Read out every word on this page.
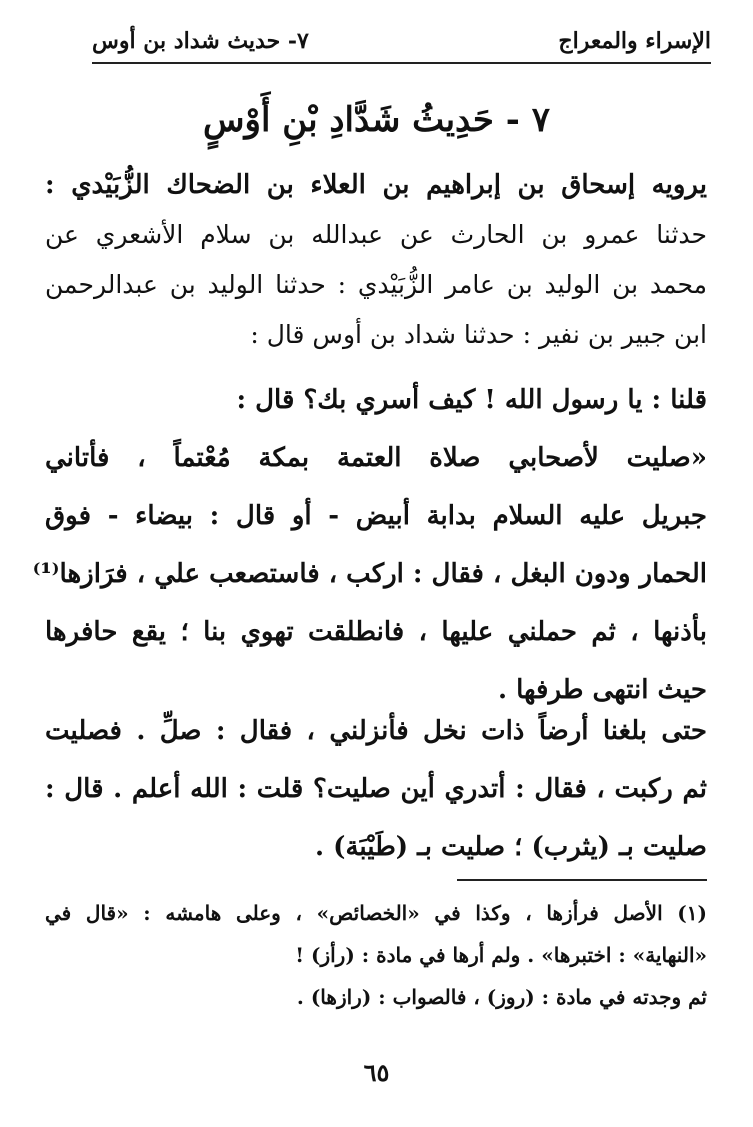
الإسراء والمعراج
٧- حديث شداد بن أوس
٧ - حَدِيثُ شَدَّادِ بْنِ أَوْسٍ
يرويه إسحاق بن إبراهيم بن العلاء بن الضحاك الزُّبَيْدي :
حدثنا عمرو بن الحارث عن عبدالله بن سلام الأشعري عن
محمد بن الوليد بن عامر الزُّبَيْدي : حدثنا الوليد بن عبدالرحمن
ابن جبير بن نفير : حدثنا شداد بن أوس قال :
قلنا : يا رسول الله ! كيف أسري بك؟ قال :
«صليت لأصحابي صلاة العتمة بمكة مُعْتماً ، فأتاني
جبريل عليه السلام بدابة أبيض - أو قال : بيضاء - فوق
الحمار ودون البغل ، فقال : اركب ، فاستصعب علي ، فرَازها⁽¹⁾
بأذنها ، ثم حملني عليها ، فانطلقت تهوي بنا ؛ يقع حافرها
حيث انتهى طرفها .
حتى بلغنا أرضاً ذات نخل فأنزلني ، فقال : صلِّ . فصليت
ثم ركبت ، فقال : أتدري أين صليت؟ قلت : الله أعلم . قال :
صليت بـ (يثرب) ؛ صليت بـ (طَيْبَة) .
(١) الأصل فرأزها ، وكذا في «الخصائص» ، وعلى هامشه : «قال في
«النهاية» : اختبرها» . ولم أرها في مادة : (رأز) !
ثم وجدته في مادة : (روز) ، فالصواب : (رازها) .
٦٥
